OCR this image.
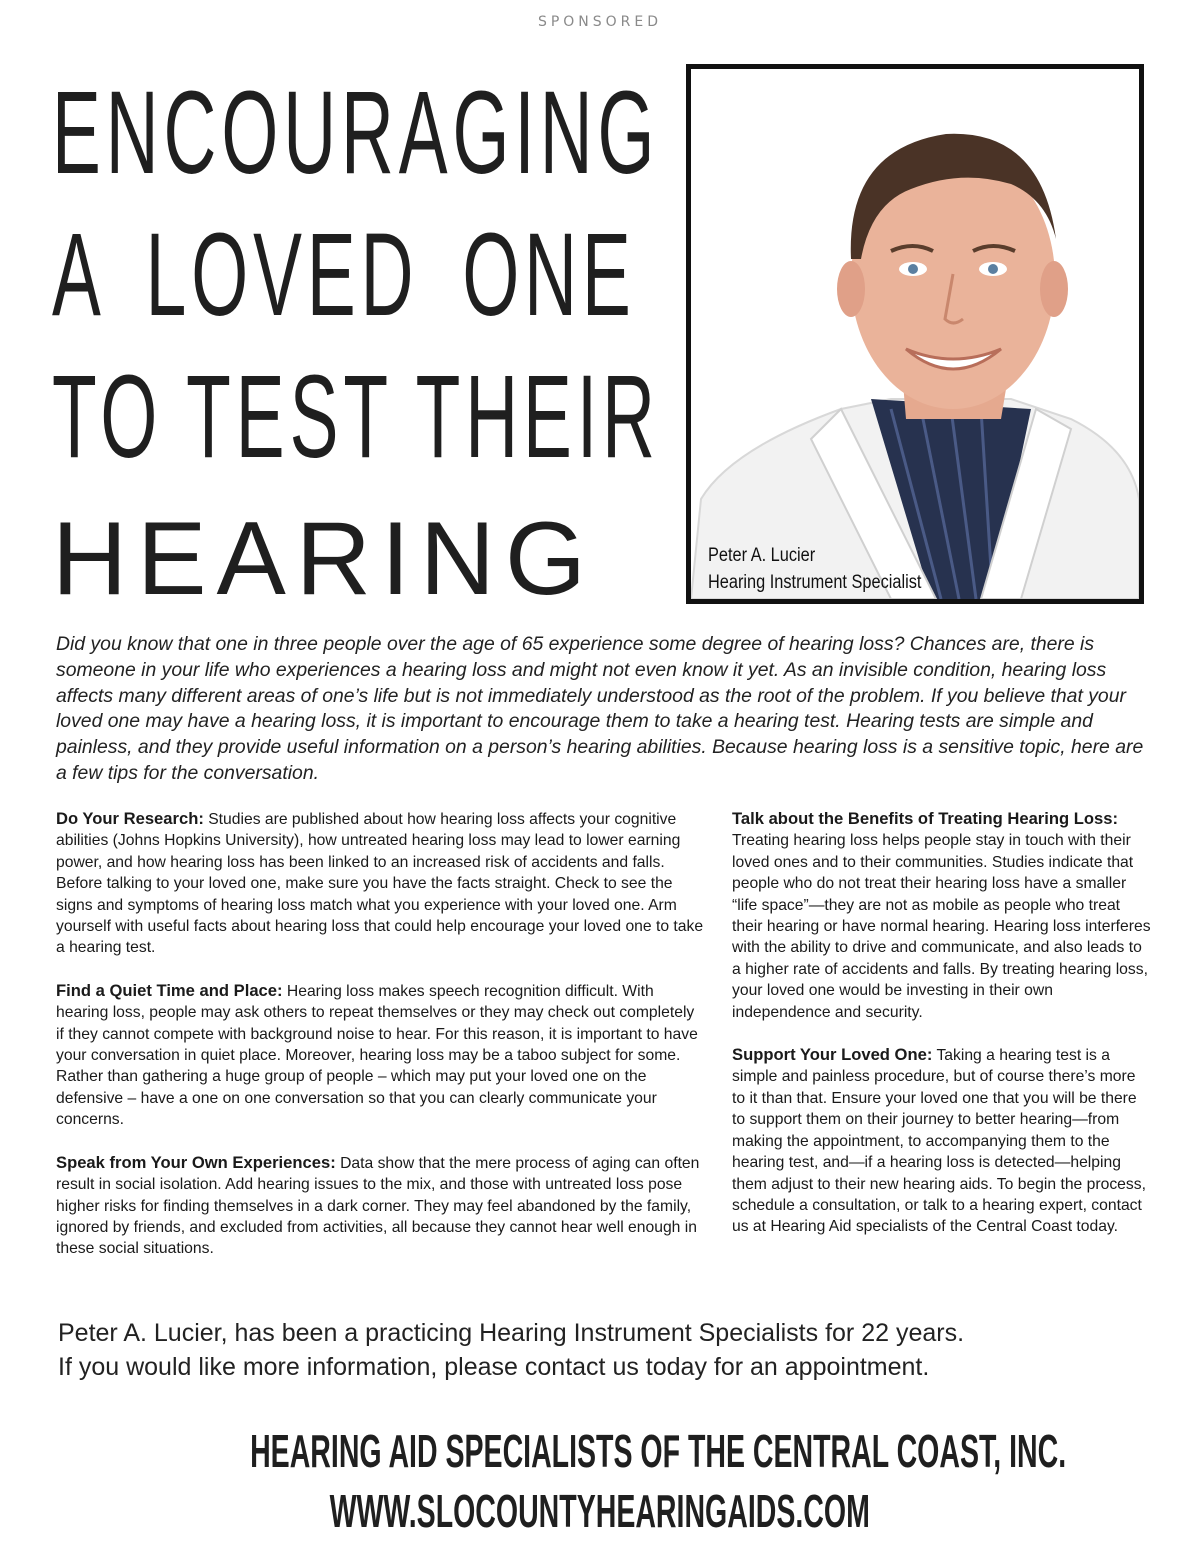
SPONSORED
ENCOURAGING
A LOVED ONE
TO TEST THEIR
HEARING	Peter A. Lucier
Hearing Instrument Specialist
Did you know that one in three people over the age of 65 experience some degree of hearing loss? Chances are, there is someone in your life who experiences a hearing loss and might not even know it yet. As an invisible condition, hearing loss affects many different areas of one’s life but is not immediately understood as the root of the problem. If you believe that your loved one may have a hearing loss, it is important to encourage them to take a hearing test. Hearing tests are simple and painless, and they provide useful information on a person’s hearing abilities. Because hearing loss is a sensitive topic, here are a few tips for the conversation.

Do Your Research: Studies are published about how hearing loss affects your cognitive abilities (Johns Hopkins University), how untreated hearing loss may lead to lower earning power, and how hearing loss has been linked to an increased risk of accidents and falls. Before talking to your loved one, make sure you have the facts straight. Check to see the signs and symptoms of hearing loss match what you experience with your loved one. Arm yourself with useful facts about hearing loss that could help encourage your loved one to take a hearing test.

Find a Quiet Time and Place: Hearing loss makes speech recognition difficult. With hearing loss, people may ask others to repeat themselves or they may check out completely if they cannot compete with background noise to hear. For this reason, it is important to have your conversation in quiet place. Moreover, hearing loss may be a taboo subject for some. Rather than gathering a huge group of people – which may put your loved one on the defensive – have a one on one conversation so that you can clearly communicate your concerns.

Speak from Your Own Experiences: Data show that the mere process of aging can often result in social isolation. Add hearing issues to the mix, and those with untreated loss pose higher risks for finding themselves in a dark corner. They may feel abandoned by the family, ignored by friends, and excluded from activities, all because they cannot hear well enough in these social situations.

Talk about the Benefits of Treating Hearing Loss: Treating hearing loss helps people stay in touch with their loved ones and to their communities. Studies indicate that people who do not treat their hearing loss have a smaller “life space”—they are not as mobile as people who treat their hearing or have normal hearing. Hearing loss interferes with the ability to drive and communicate, and also leads to a higher rate of accidents and falls. By treating hearing loss, your loved one would be investing in their own independence and security.

Support Your Loved One: Taking a hearing test is a simple and painless procedure, but of course there’s more to it than that. Ensure your loved one that you will be there to support them on their journey to better hearing—from making the appointment, to accompanying them to the hearing test, and—if a hearing loss is detected—helping them adjust to their new hearing aids. To begin the process, schedule a consultation, or talk to a hearing expert, contact us at Hearing Aid specialists of the Central Coast today.

Peter A. Lucier, has been a practicing Hearing Instrument Specialists for 22 years.
If you would like more information, please contact us today for an appointment.
HEARING AID SPECIALISTS OF THE CENTRAL COAST, INC.
WWW.SLOCOUNTYHEARINGAIDS.COM
